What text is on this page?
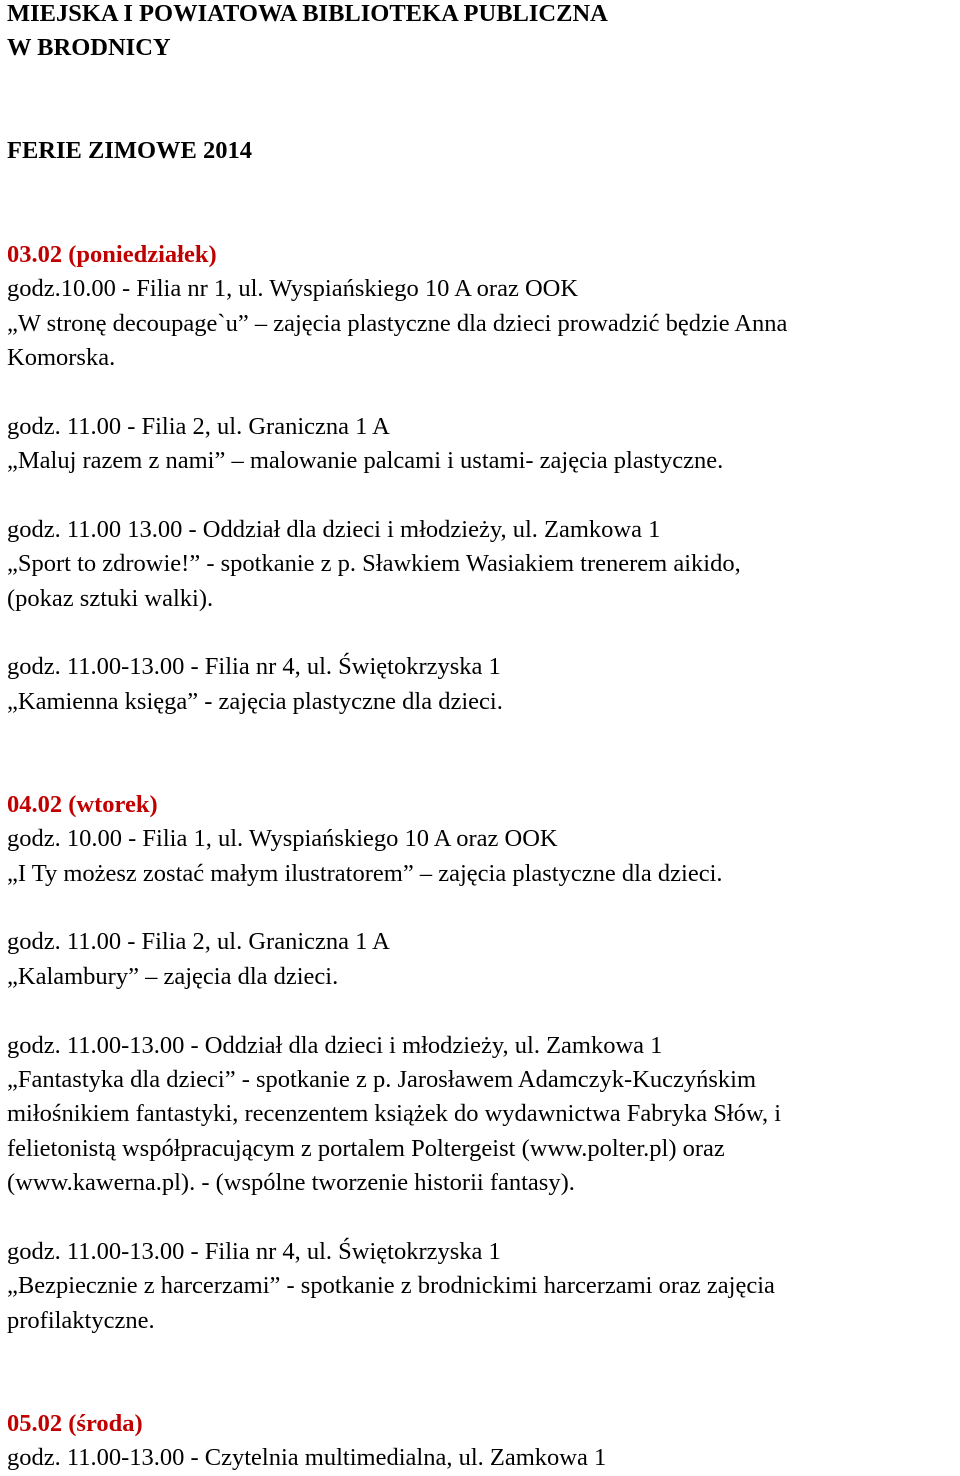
MIEJSKA I POWIATOWA BIBLIOTEKA PUBLICZNA
W BRODNICY
FERIE ZIMOWE 2014
03.02 (poniedziałek)
godz.10.00 - Filia nr 1, ul. Wyspiańskiego 10 A oraz OOK
„W stronę decoupage`u” – zajęcia plastyczne dla dzieci prowadzić będzie Anna
Komorska.
godz. 11.00 - Filia 2, ul. Graniczna 1 A
„Maluj razem z nami” – malowanie palcami i ustami- zajęcia plastyczne.
godz. 11.00 13.00 - Oddział dla dzieci i młodzieży, ul. Zamkowa 1
„Sport to zdrowie!” - spotkanie z p. Sławkiem Wasiakiem trenerem aikido,
(pokaz sztuki walki).
godz. 11.00-13.00 - Filia nr 4, ul. Świętokrzyska 1
„Kamienna księga” - zajęcia plastyczne dla dzieci.
04.02 (wtorek)
godz. 10.00 - Filia 1, ul. Wyspiańskiego 10 A oraz OOK
„I Ty możesz zostać małym ilustratorem” – zajęcia plastyczne dla dzieci.
godz. 11.00 - Filia 2, ul. Graniczna 1 A
„Kalambury” – zajęcia dla dzieci.
godz. 11.00-13.00 - Oddział dla dzieci i młodzieży, ul. Zamkowa 1
„Fantastyka dla dzieci” - spotkanie z p. Jarosławem Adamczyk-Kuczyńskim
miłośnikiem fantastyki, recenzentem książek do wydawnictwa Fabryka Słów, i
felietonistą współpracującym z portalem Poltergeist (www.polter.pl) oraz
(www.kawerna.pl). - (wspólne tworzenie historii fantasy).
godz. 11.00-13.00 - Filia nr 4, ul. Świętokrzyska 1
„Bezpiecznie z harcerzami” - spotkanie z brodnickimi harcerzami oraz zajęcia
profilaktyczne.
05.02 (środa)
godz. 11.00-13.00 - Czytelnia multimedialna, ul. Zamkowa 1
